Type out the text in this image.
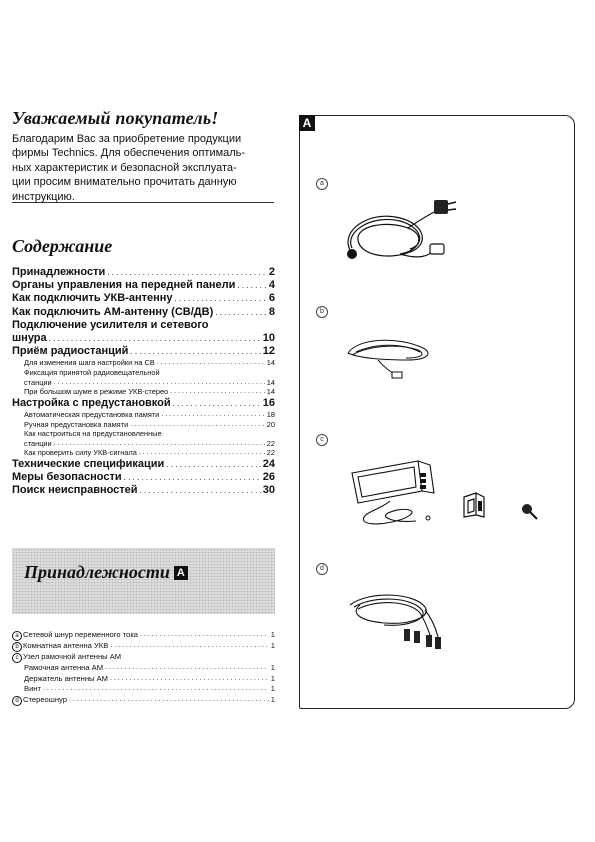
Уважаемый покупатель!
Благодарим Вас за приобретение продукции
фирмы Technics. Для обеспечения оптималь-
ных характеристик и безопасной эксплуата-
ции просим внимательно прочитать данную
инструкцию.
Содержание
Принадлежности . . .	2
Органы управления на передней панели . . .	4
Как подключить УКВ-антенну . . .	6
Как подключить АМ-антенну (СВ/ДВ) . . .	8
Подключение усилителя и сетевого
шнура . . .	10
Приём радиостанций . . .	12
Для изменения шага настройки на СВ . . .	14
Фиксация принятой радиовещательной
станции . . .	14
При большом шуме в режиме УКВ-стерео . . .	14
Настройка с предустановкой . . .	16
Автоматическая предустановка памяти . . .	18
Ручная предустановка памяти . . .	20
Как настроиться на предустановленные
станции . . .	22
Как проверить силу УКВ-сигнала . . .	22
Технические спецификации . . .	24
Меры безопасности . . .	26
Поиск неисправностей . . .	30
Принадлежности A
a Сетевой шнур переменного тока . . .	1
b Комнатная антенна УКВ . . .	1
c Узел рамочной антенны АМ
Рамочная антенна АМ . . .	1
Держатель антенны АМ . . .	1
Винт . . .	1
d Стереошнур . . .	1
A
a
b
c
d
